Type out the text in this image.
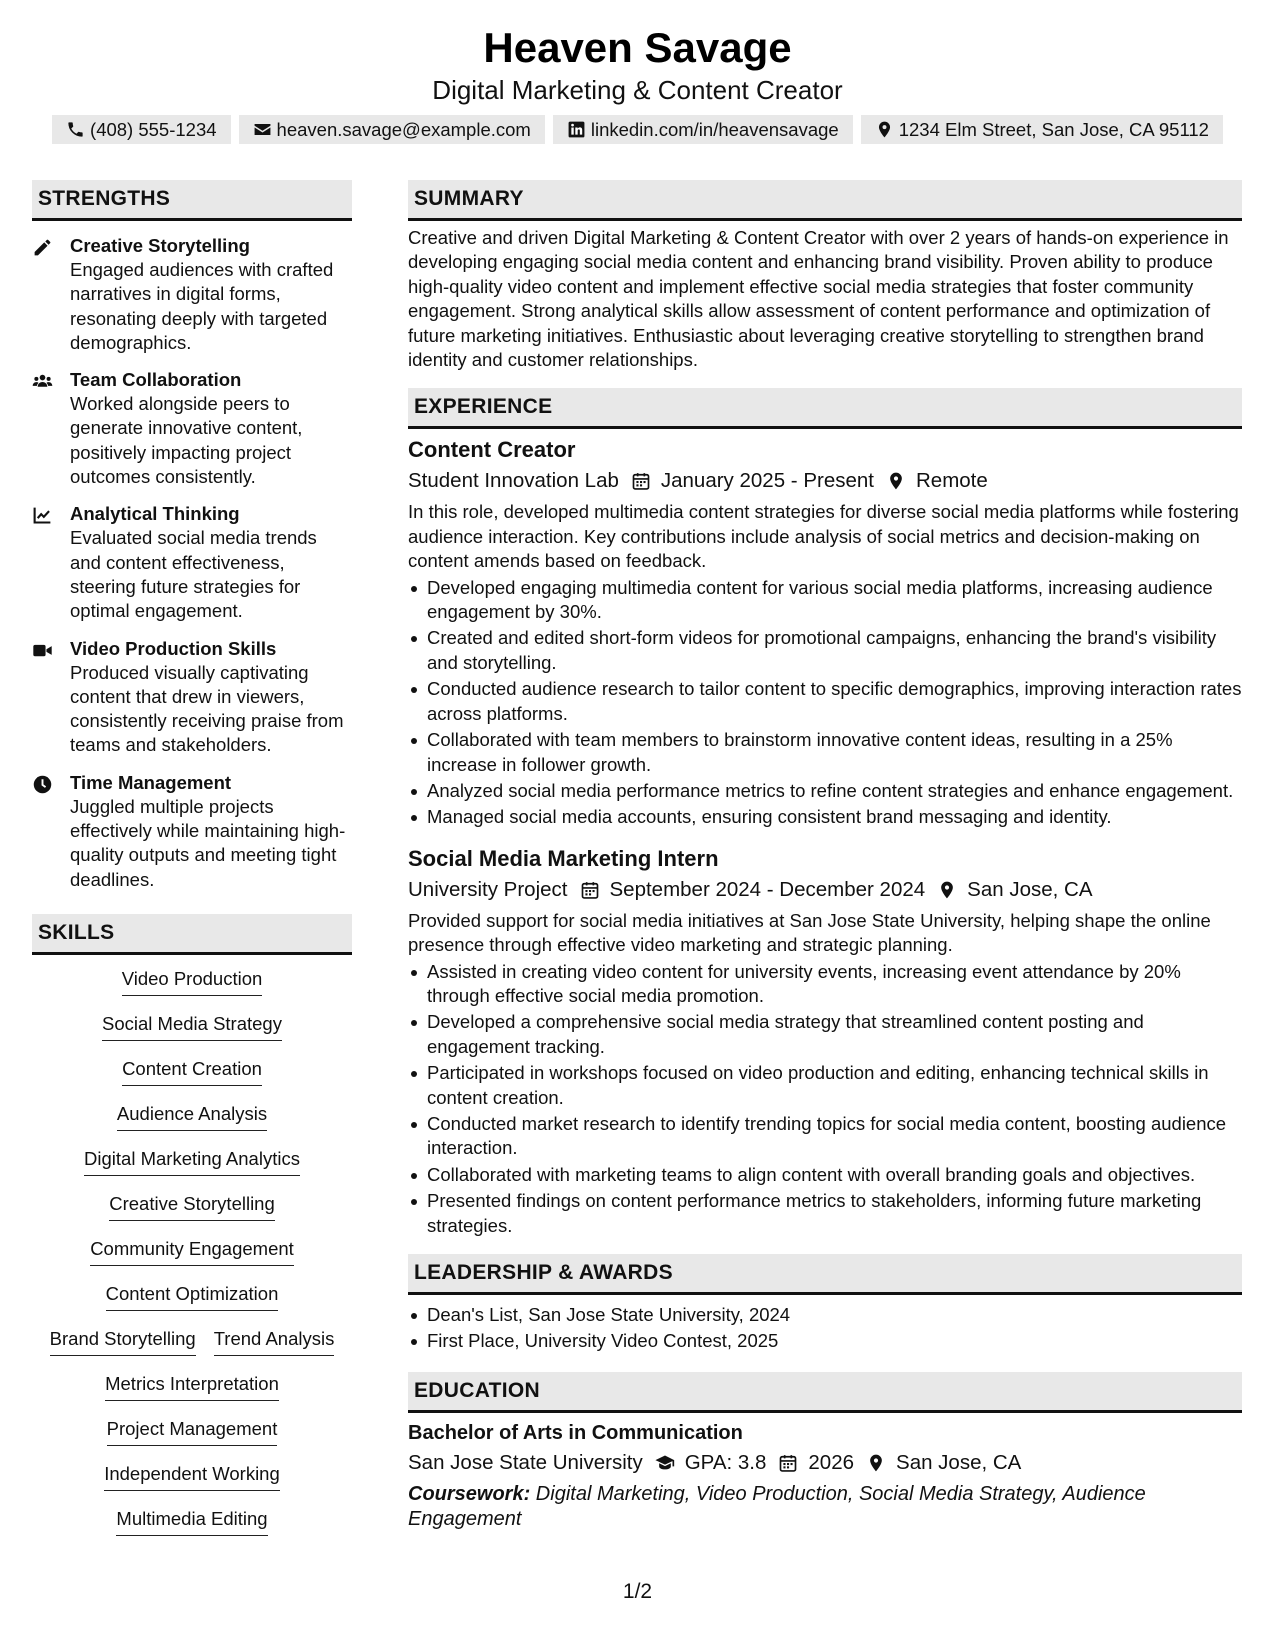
Heaven Savage
Digital Marketing & Content Creator
(408) 555-1234	heaven.savage@example.com	linkedin.com/in/heavensavage	1234 Elm Street, San Jose, CA 95112
STRENGTHS
Creative Storytelling
Engaged audiences with crafted narratives in digital forms, resonating deeply with targeted demographics.
Team Collaboration
Worked alongside peers to generate innovative content, positively impacting project outcomes consistently.
Analytical Thinking
Evaluated social media trends and content effectiveness, steering future strategies for optimal engagement.
Video Production Skills
Produced visually captivating content that drew in viewers, consistently receiving praise from teams and stakeholders.
Time Management
Juggled multiple projects effectively while maintaining high-quality outputs and meeting tight deadlines.
SKILLS
Video Production
Social Media Strategy
Content Creation
Audience Analysis
Digital Marketing Analytics
Creative Storytelling
Community Engagement
Content Optimization
Brand Storytelling Trend Analysis
Metrics Interpretation
Project Management
Independent Working
Multimedia Editing
SUMMARY

Creative and driven Digital Marketing & Content Creator with over 2 years of hands-on experience in developing engaging social media content and enhancing brand visibility. Proven ability to produce high-quality video content and implement effective social media strategies that foster community engagement. Strong analytical skills allow assessment of content performance and optimization of future marketing initiatives. Enthusiastic about leveraging creative storytelling to strengthen brand identity and customer relationships.

EXPERIENCE
Content Creator
Student Innovation Lab January 2025 - Present Remote

In this role, developed multimedia content strategies for diverse social media platforms while fostering audience interaction. Key contributions include analysis of social metrics and decision-making on content amends based on feedback.

Developed engaging multimedia content for various social media platforms, increasing audience engagement by 30%.
Created and edited short-form videos for promotional campaigns, enhancing the brand's visibility and storytelling.
Conducted audience research to tailor content to specific demographics, improving interaction rates across platforms.
Collaborated with team members to brainstorm innovative content ideas, resulting in a 25% increase in follower growth.
Analyzed social media performance metrics to refine content strategies and enhance engagement.
Managed social media accounts, ensuring consistent brand messaging and identity.
Social Media Marketing Intern
University Project September 2024 - December 2024 San Jose, CA

Provided support for social media initiatives at San Jose State University, helping shape the online presence through effective video marketing and strategic planning.

Assisted in creating video content for university events, increasing event attendance by 20% through effective social media promotion.
Developed a comprehensive social media strategy that streamlined content posting and engagement tracking.
Participated in workshops focused on video production and editing, enhancing technical skills in content creation.
Conducted market research to identify trending topics for social media content, boosting audience interaction.
Collaborated with marketing teams to align content with overall branding goals and objectives.
Presented findings on content performance metrics to stakeholders, informing future marketing strategies.
LEADERSHIP & AWARDS
Dean's List, San Jose State University, 2024
First Place, University Video Contest, 2025
EDUCATION
Bachelor of Arts in Communication
San Jose State University GPA: 3.8 2026 San Jose, CA
Coursework: Digital Marketing, Video Production, Social Media Strategy, Audience Engagement
1/2
